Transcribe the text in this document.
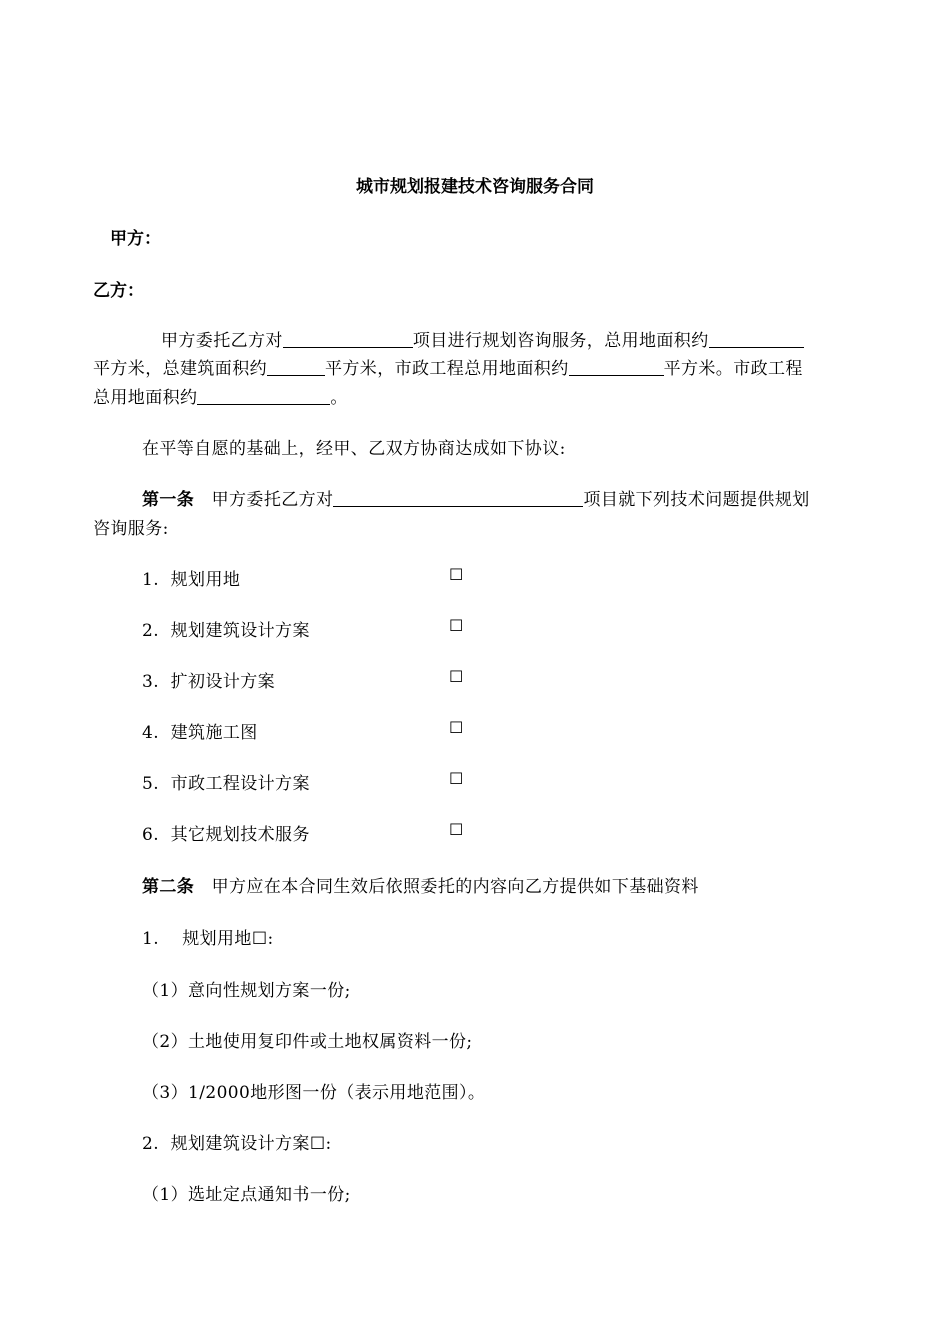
城市规划报建技术咨询服务合同
甲方：
乙方：
甲方委托乙方对	项目进行规划咨询服务，总用地面积约
平方米，总建筑面积约	平方米，市政工程总用地面积约	平方米。市政工程
总用地面积约	。
在平等自愿的基础上，经甲、乙双方协商达成如下协议:
第一条 甲方委托乙方对	项目就下列技术问题提供规划
咨询服务:
1. 规划用地	☐
2. 规划建筑设计方案	☐
3. 扩初设计方案	☐
4. 建筑施工图	☐
5. 市政工程设计方案	☐
6. 其它规划技术服务	☐
第二条 甲方应在本合同生效后依照委托的内容向乙方提供如下基础资料
1.    规划用地☐:
（1）意向性规划方案一份;
（2）土地使用复印件或土地权属资料一份;
（3）1/2000地形图一份（表示用地范围）。
2.  规划建筑设计方案☐:
（1）选址定点通知书一份;
